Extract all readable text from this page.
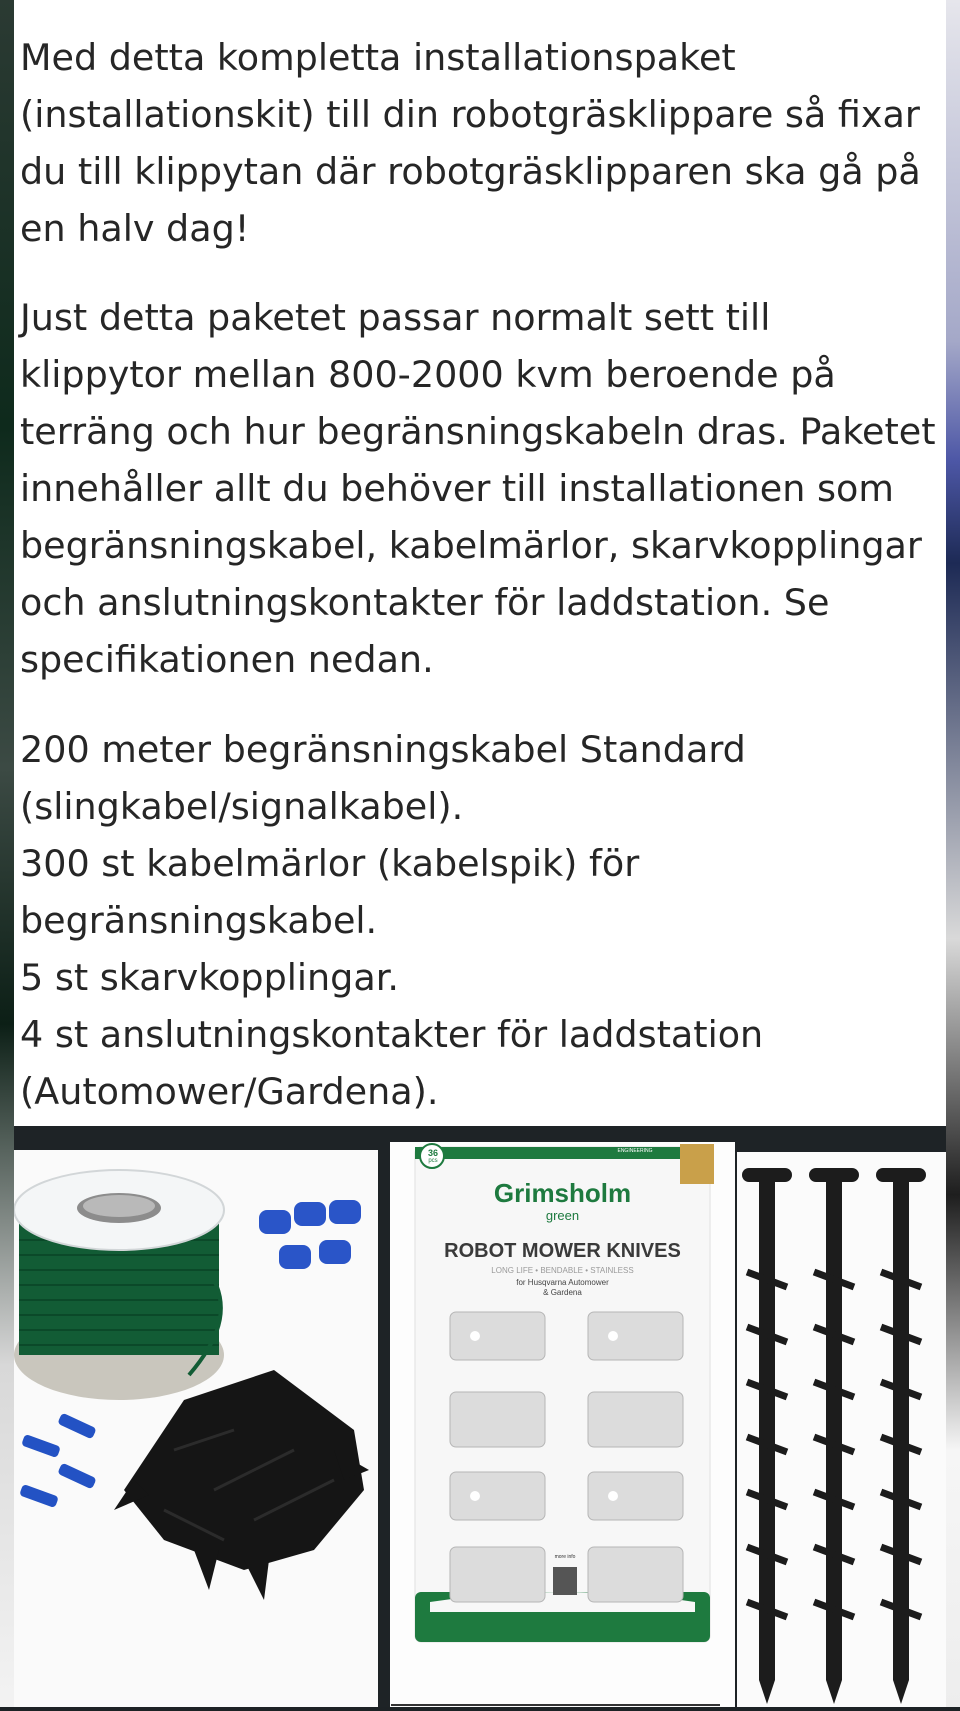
Med detta kompletta installationspaket (installationskit) till din robotgräsklippare så fixar du till klippytan där robotgräsklipparen ska gå på en halv dag!

Just detta paketet passar normalt sett till klippytor mellan 800-2000 kvm beroende på terräng och hur begränsningskabeln dras. Paketet innehåller allt du behöver till installationen som begränsningskabel, kabelmärlor, skarvkopplingar och anslutningskontakter för laddstation. Se specifikationen nedan.

200 meter begränsningskabel Standard (slingkabel/signalkabel).

300 st kabelmärlor (kabelspik) för begränsningskabel.

5 st skarvkopplingar.

4 st anslutningskontakter för laddstation (Automower/Gardena).

36
pcs
ENGINEERING
Grimsholm
green
ROBOT MOWER KNIVES
LONG LIFE • BENDABLE • STAINLESS
for Husqvarna Automower
& Gardena
more info
